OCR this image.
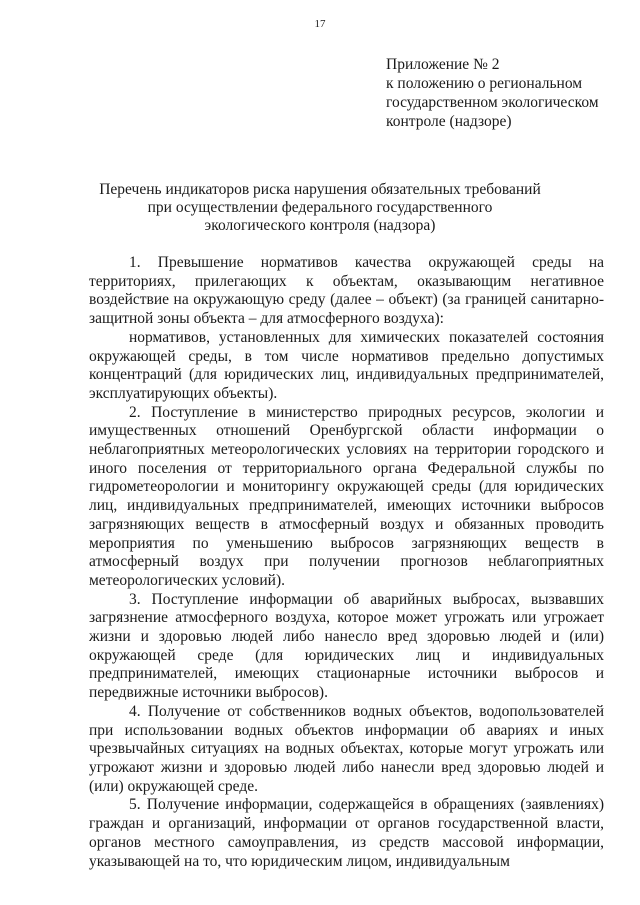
17
Приложение № 2
к положению о региональном
государственном экологическом
контроле (надзоре)
Перечень индикаторов риска нарушения обязательных требований
при осуществлении федерального государственного
экологического контроля (надзора)

1. Превышение нормативов качества окружающей среды на территориях, прилегающих к объектам, оказывающим негативное воздействие на окружающую среду (далее – объект) (за границей санитарно-защитной зоны объекта – для атмосферного воздуха):

нормативов, установленных для химических показателей состояния окружающей среды, в том числе нормативов предельно допустимых концентраций (для юридических лиц, индивидуальных предпринимателей, эксплуатирующих объекты).

2. Поступление в министерство природных ресурсов, экологии и имущественных отношений Оренбургской области информации о неблагоприятных метеорологических условиях на территории городского и иного поселения от территориального органа Федеральной службы по гидрометеорологии и мониторингу окружающей среды (для юридических лиц, индивидуальных предпринимателей, имеющих источники выбросов загрязняющих веществ в атмосферный воздух и обязанных проводить мероприятия по уменьшению выбросов загрязняющих веществ в атмосферный воздух при получении прогнозов неблагоприятных метеорологических условий).

3. Поступление информации об аварийных выбросах, вызвавших загрязнение атмосферного воздуха, которое может угрожать или угрожает жизни и здоровью людей либо нанесло вред здоровью людей и (или) окружающей среде (для юридических лиц и индивидуальных предпринимателей, имеющих стационарные источники выбросов и передвижные источники выбросов).

4. Получение от собственников водных объектов, водопользователей при использовании водных объектов информации об авариях и иных чрезвычайных ситуациях на водных объектах, которые могут угрожать или угрожают жизни и здоровью людей либо нанесли вред здоровью людей и (или) окружающей среде.

5. Получение информации, содержащейся в обращениях (заявлениях) граждан и организаций, информации от органов государственной власти, органов местного самоуправления, из средств массовой информации, указывающей на то, что юридическим лицом, индивидуальным
